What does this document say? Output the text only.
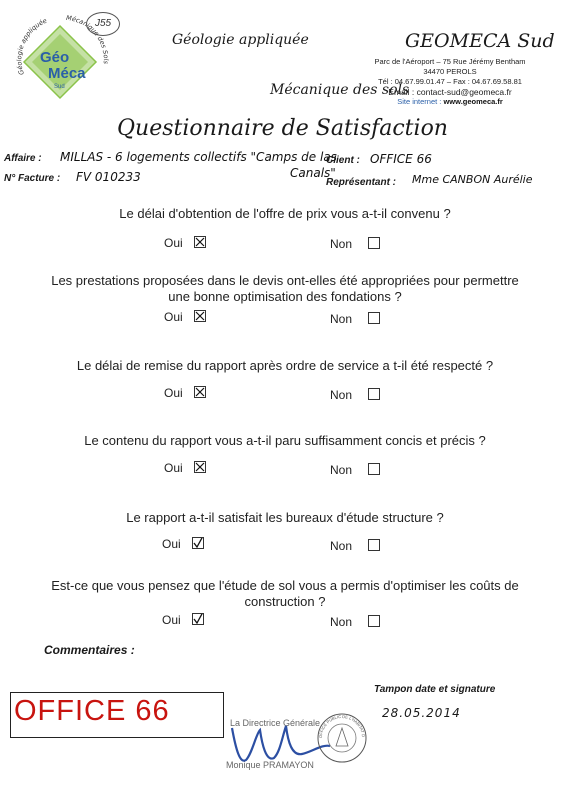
Géo
Méca
Sud
Géologie appliquée	Mécanique des Sols
J55
Géologie appliquée
Mécanique des sols
GEOMECA Sud
Parc de l'Aéroport – 75 Rue Jérémy Bentham
34470 PEROLS
Tél : 04.67.99.01.47 – Fax : 04.67.69.58.81
Email : contact-sud@geomeca.fr
Site internet : www.geomeca.fr
Questionnaire de Satisfaction
Affaire : MILLAS - 6 logements collectifs "Camps de las
Canals"
Client : OFFICE 66
N° Facture : FV 010233	Représentant : Mme CANBON Aurélie
Le délai d'obtention de l'offre de prix vous a-t-il convenu ?
Oui	Non
Les prestations proposées dans le devis ont-elles été appropriées pour permettre une bonne optimisation des fondations ?
Oui	Non
Le délai de remise du rapport après ordre de service a t-il été respecté ?
Oui	Non
Le contenu du rapport vous a-t-il paru suffisamment concis et précis ?
Oui	Non
Le rapport a-t-il satisfait les bureaux d'étude structure ?
Oui	Non
Est-ce que vous pensez que l'étude de sol vous a permis d'optimiser les coûts de construction ?
Oui	Non
Commentaires :
Tampon date et signature
28.05.2014
OFFICE 66	La Directrice Générale
Monique PRAMAYON
OFFICE PUBLIC DE L'HABITAT D
